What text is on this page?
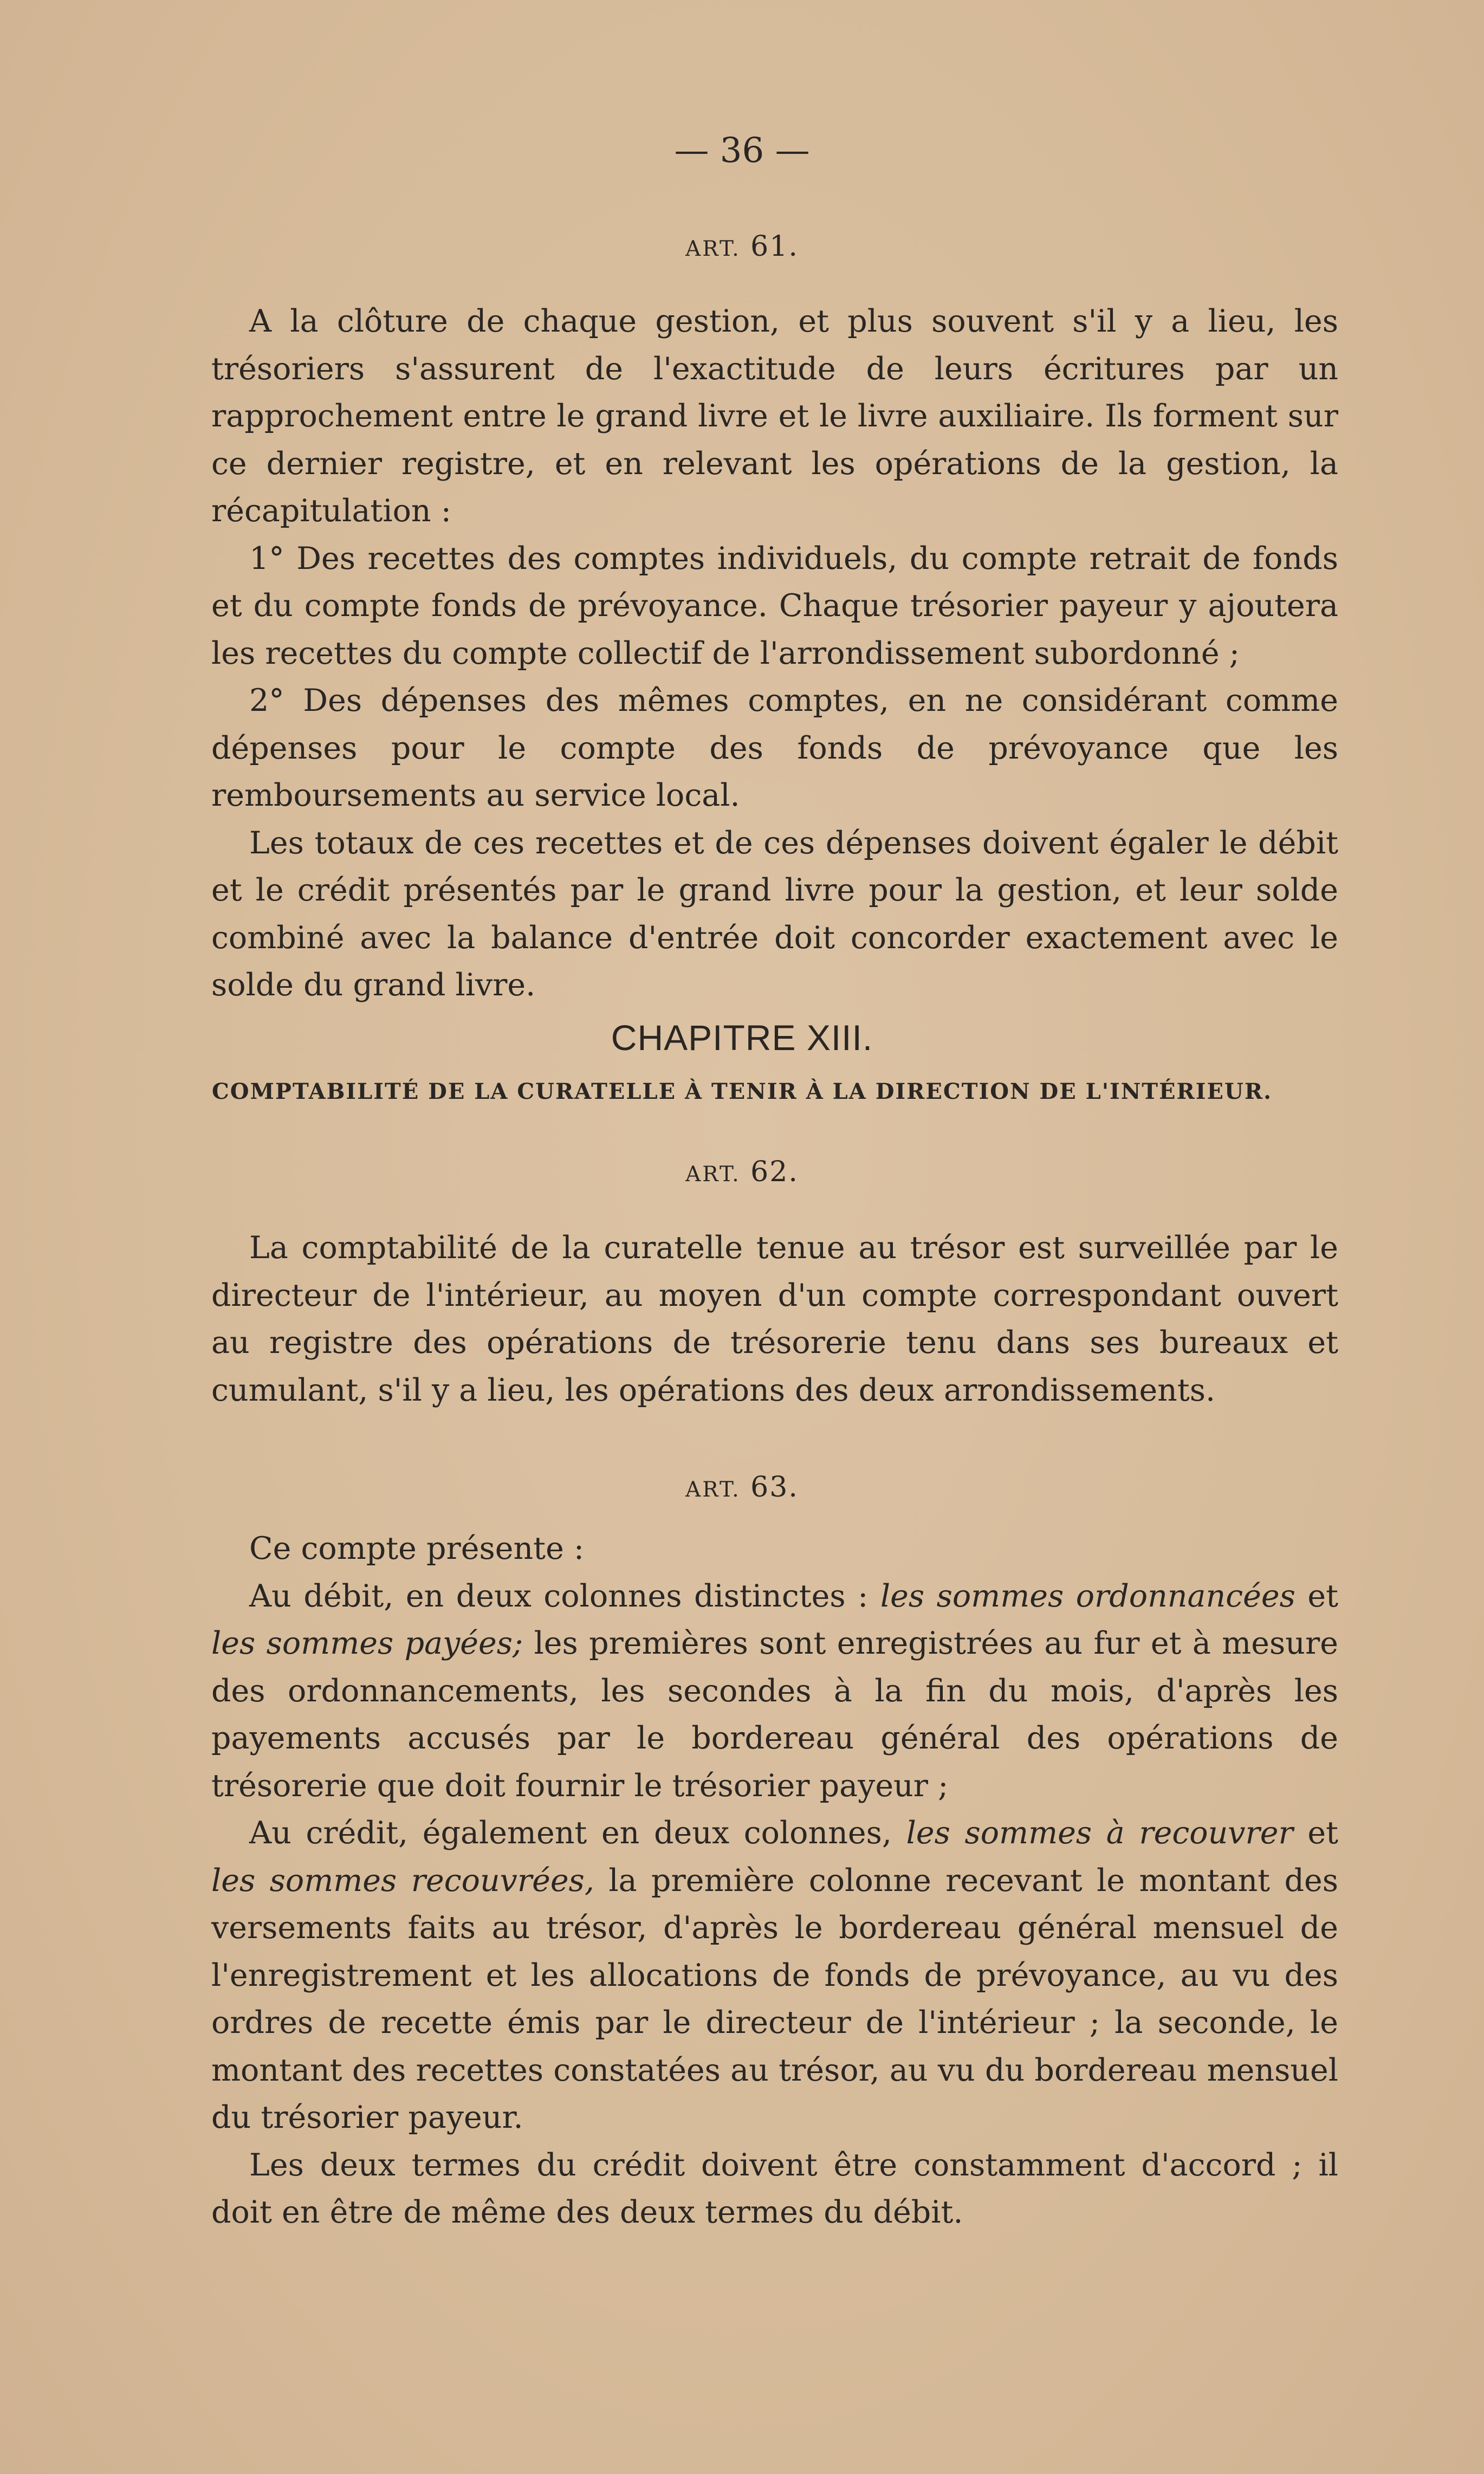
— 36 —
ART. 61.

A la clôture de chaque gestion, et plus souvent s'il y a lieu, les trésoriers s'assurent de l'exactitude de leurs écritures par un rapprochement entre le grand livre et le livre auxiliaire. Ils forment sur ce dernier registre, et en relevant les opérations de la gestion, la récapitulation :

1° Des recettes des comptes individuels, du compte retrait de fonds et du compte fonds de prévoyance. Chaque trésorier payeur y ajoutera les recettes du compte collectif de l'arrondissement subordonné ;

2° Des dépenses des mêmes comptes, en ne considérant comme dépenses pour le compte des fonds de prévoyance que les remboursements au service local.

Les totaux de ces recettes et de ces dépenses doivent égaler le débit et le crédit présentés par le grand livre pour la gestion, et leur solde combiné avec la balance d'entrée doit concorder exactement avec le solde du grand livre.

CHAPITRE XIII.
COMPTABILITÉ DE LA CURATELLE À TENIR À LA DIRECTION DE L'INTÉRIEUR.
ART. 62.

La comptabilité de la curatelle tenue au trésor est surveillée par le directeur de l'intérieur, au moyen d'un compte correspondant ouvert au registre des opérations de trésorerie tenu dans ses bureaux et cumulant, s'il y a lieu, les opérations des deux arrondissements.

ART. 63.

Ce compte présente :

Au débit, en deux colonnes distinctes : les sommes ordonnancées et les sommes payées; les premières sont enregistrées au fur et à mesure des ordonnancements, les secondes à la fin du mois, d'après les payements accusés par le bordereau général des opérations de trésorerie que doit fournir le trésorier payeur ;

Au crédit, également en deux colonnes, les sommes à recouvrer et les sommes recouvrées, la première colonne recevant le montant des versements faits au trésor, d'après le bordereau général mensuel de l'enregistrement et les allocations de fonds de prévoyance, au vu des ordres de recette émis par le directeur de l'intérieur ; la seconde, le montant des recettes constatées au trésor, au vu du bordereau mensuel du trésorier payeur.

Les deux termes du crédit doivent être constamment d'accord ; il doit en être de même des deux termes du débit.
